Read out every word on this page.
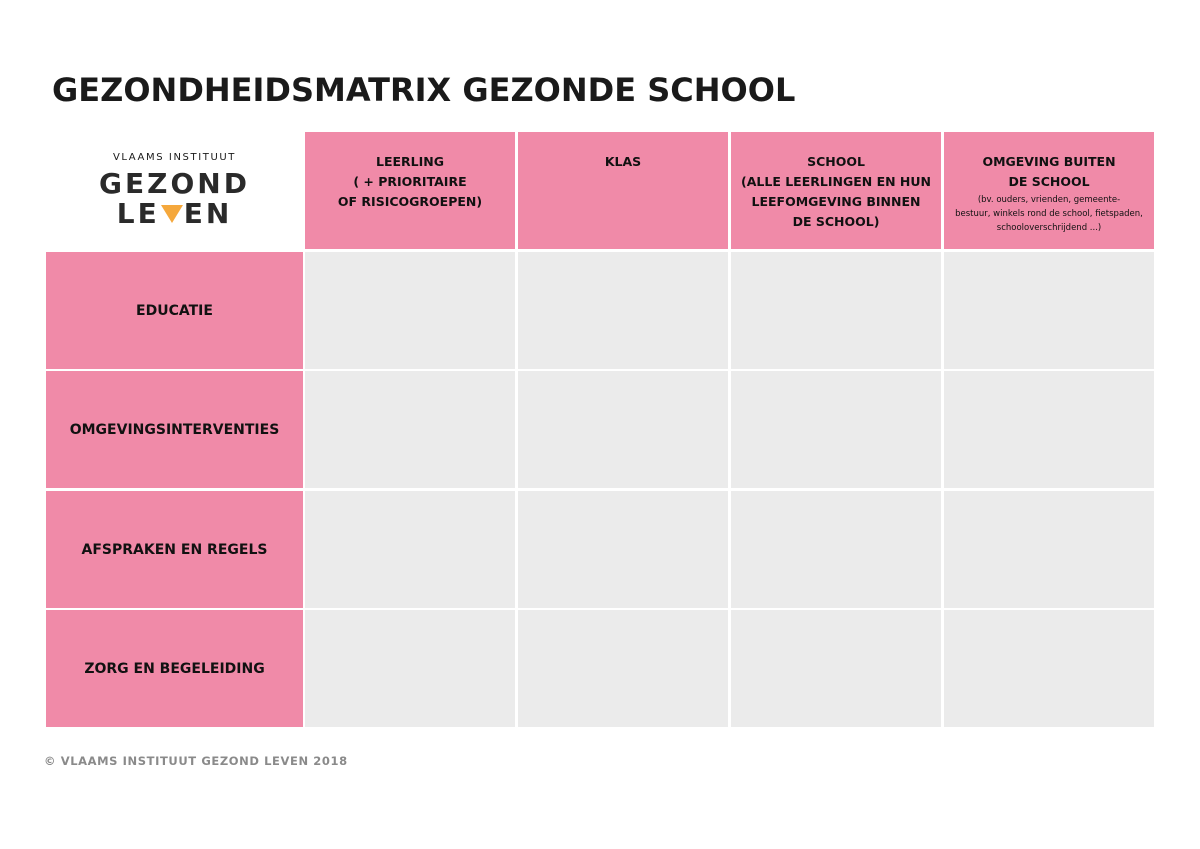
GEZONDHEIDSMATRIX GEZONDE SCHOOL
VLAAMS INSTITUUT
GEZOND
LE EN
LEERLING
( + PRIORITAIRE
OF RISICOGROEPEN)
KLAS	SCHOOL
(ALLE LEERLINGEN EN HUN
LEEFOMGEVING BINNEN
DE SCHOOL)
OMGEVING BUITEN
DE SCHOOL
(bv. ouders, vrienden, gemeente-
bestuur, winkels rond de school, fietspaden,
schooloverschrijdend ...)
EDUCATIE
OMGEVINGSINTERVENTIES
AFSPRAKEN EN REGELS
ZORG EN BEGELEIDING
© VLAAMS INSTITUUT GEZOND LEVEN 2018
